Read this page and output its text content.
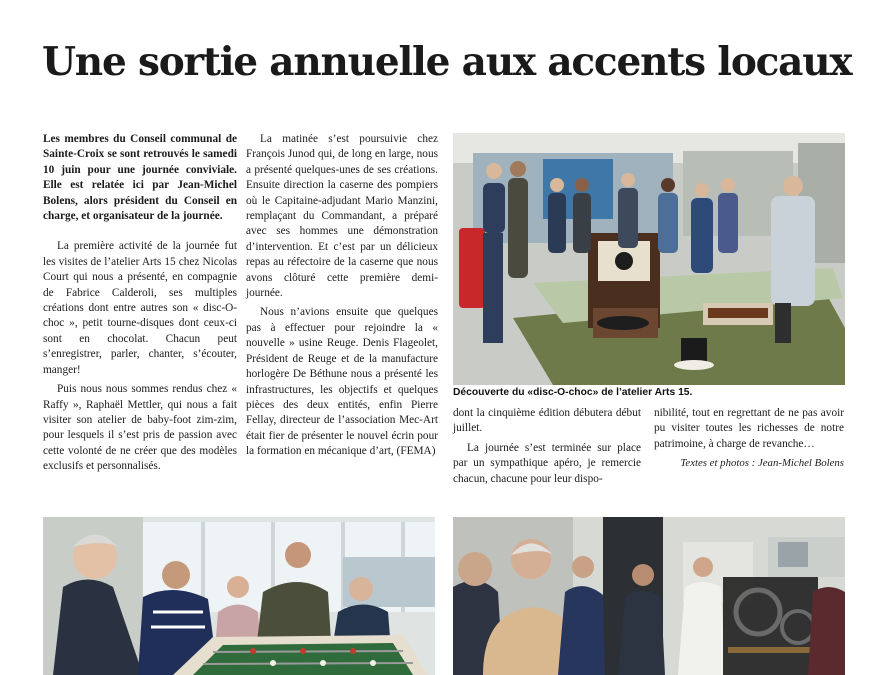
Une sortie annuelle aux accents locaux

Les membres du Conseil communal de Sainte-Croix se sont retrouvés le samedi 10 juin pour une journée conviviale. Elle est relatée ici par Jean-Michel Bolens, alors président du Conseil en charge, et organisateur de la journée.

La première activité de la journée fut les visites de l’atelier Arts 15 chez Nicolas Court qui nous a présenté, en compagnie de Fabrice Calderoli, ses multiples créations dont entre autres son « disc-O-choc », petit tourne-disques dont ceux-ci sont en chocolat. Chacun peut s’enregistrer, parler, chanter, s’écouter, manger!

Puis nous nous sommes rendus chez « Raffy », Raphaël Mettler, qui nous a fait visiter son atelier de baby-foot zim-zim, pour lesquels il s’est pris de passion avec cette volonté de ne créer que des modèles exclusifs et personnalisés.

La matinée s’est poursuivie chez François Junod qui, de long en large, nous a présenté quelques-unes de ses créations. Ensuite direction la caserne des pompiers où le Capitaine-adjudant Mario Manzini, remplaçant du Commandant, a préparé avec ses hommes une démonstration d’intervention. Et c’est par un délicieux repas au réfectoire de la caserne que nous avons clôturé cette première demi-journée.

Nous n’avions ensuite que quelques pas à effectuer pour rejoindre la « nouvelle » usine Reuge. Denis Flageolet, Président de Reuge et de la manufacture horlogère De Béthune nous a présenté les infrastructures, les objectifs et quelques pièces des deux entités, enfin Pierre Fellay, directeur de l’association Mec-Art était fier de présenter le nouvel écrin pour la formation en mécanique d’art, (FEMA)

Découverte du «disc-O-choc» de l’atelier Arts 15.

dont la cinquième édition débutera début juillet.

La journée s’est terminée sur place par un sympathique apéro, je remercie chacun, chacune pour leur dispo-

nibilité, tout en regrettant de ne pas avoir pu visiter toutes les richesses de notre patrimoine, à charge de revanche…

Textes et photos : Jean-Michel Bolens
